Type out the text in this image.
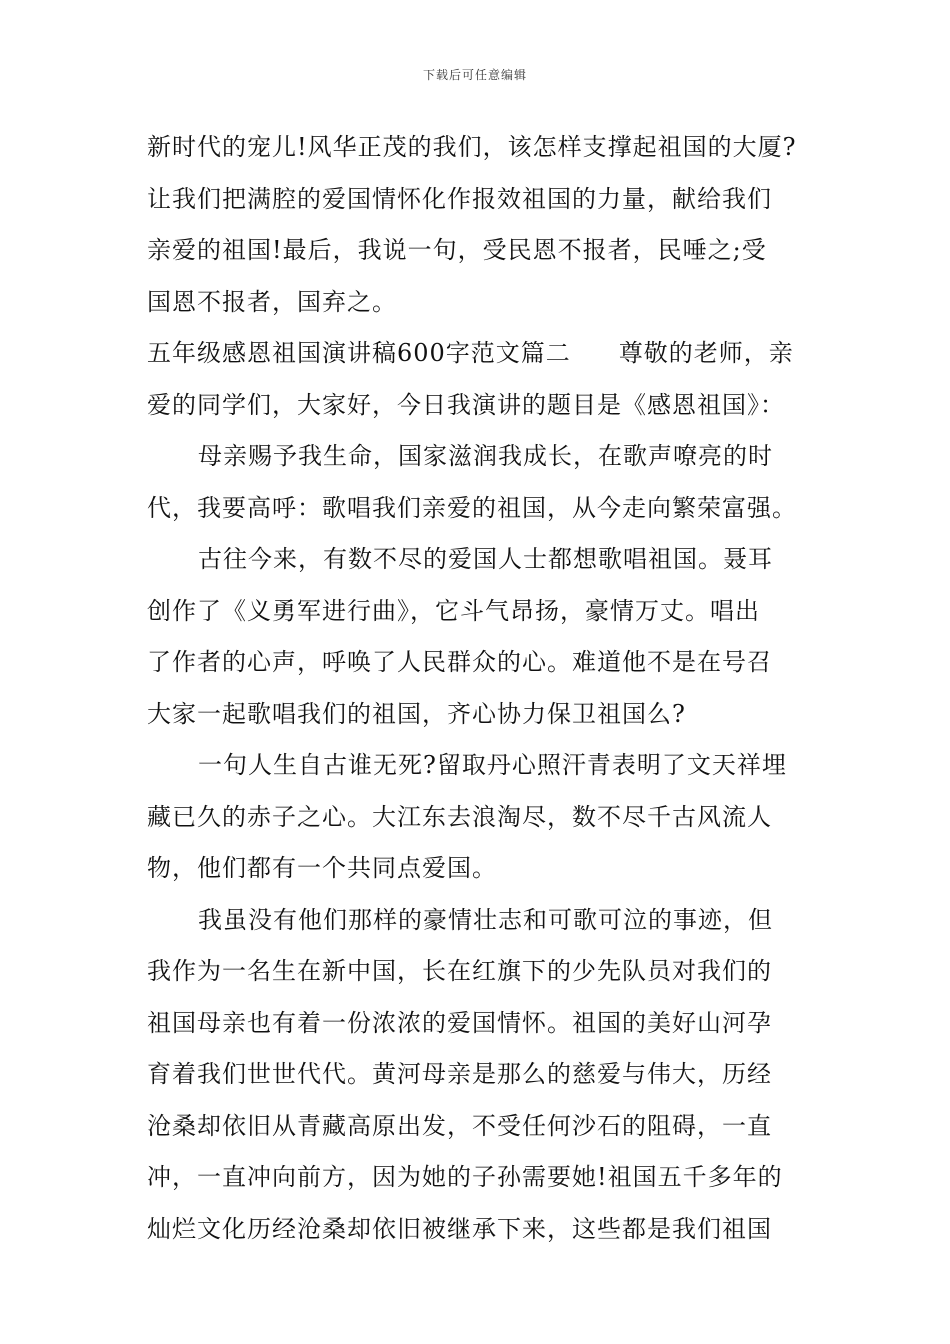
下载后可任意编辑
新时代的宠儿!风华正茂的我们，该怎样支撑起祖国的大厦?
让我们把满腔的爱国情怀化作报效祖国的力量，献给我们
亲爱的祖国!最后，我说一句，受民恩不报者，民唾之;受
国恩不报者，国弃之。
五年级感恩祖国演讲稿600字范文篇二 尊敬的老师，亲
爱的同学们，大家好，今日我演讲的题目是《感恩祖国》：
母亲赐予我生命，国家滋润我成长，在歌声嘹亮的时
代，我要高呼：歌唱我们亲爱的祖国，从今走向繁荣富强。
古往今来，有数不尽的爱国人士都想歌唱祖国。聂耳
创作了《义勇军进行曲》，它斗气昂扬，豪情万丈。唱出
了作者的心声，呼唤了人民群众的心。难道他不是在号召
大家一起歌唱我们的祖国，齐心协力保卫祖国么?
一句人生自古谁无死?留取丹心照汗青表明了文天祥埋
藏已久的赤子之心。大江东去浪淘尽，数不尽千古风流人
物，他们都有一个共同点爱国。
我虽没有他们那样的豪情壮志和可歌可泣的事迹，但
我作为一名生在新中国，长在红旗下的少先队员对我们的
祖国母亲也有着一份浓浓的爱国情怀。祖国的美好山河孕
育着我们世世代代。黄河母亲是那么的慈爱与伟大，历经
沧桑却依旧从青藏高原出发，不受任何沙石的阻碍，一直
冲，一直冲向前方，因为她的子孙需要她!祖国五千多年的
灿烂文化历经沧桑却依旧被继承下来，这些都是我们祖国
